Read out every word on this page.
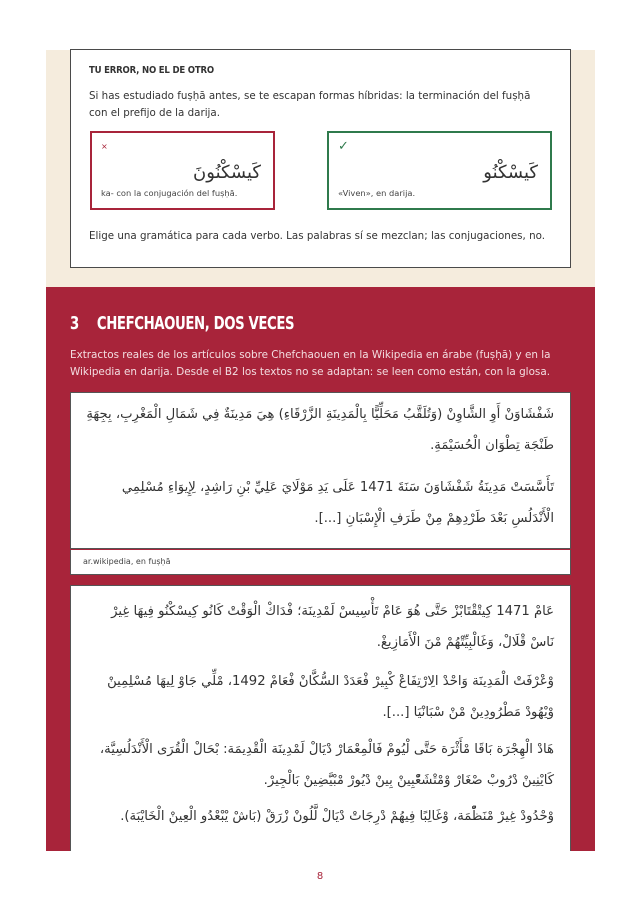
TU ERROR, NO EL DE OTRO
Si has estudiado fuṣḥā antes, se te escapan formas híbridas: la terminación del fuṣḥā con el prefijo de la darija.
×
كَيسْكْنُونَ
ka- con la conjugación del fuṣḥā.
✓
كَيسْكْنُو
«Viven», en darija.
Elige una gramática para cada verbo. Las palabras sí se mezclan; las conjugaciones, no.
3 CHEFCHAOUEN, DOS VECES
Extractos reales de los artículos sobre Chefchaouen en la Wikipedia en árabe (fuṣḥā) y en la Wikipedia en darija. Desde el B2 los textos no se adaptan: se leen como están, con la glosa.
شَفْشَاوَنْ أَوِ الشَّاوِنْ (وَتُلَقَّبُ مَحَلِّيًّا بِالْمَدِينَةِ الزَّرْقَاءِ) هِيَ مَدِينَةٌ فِي شَمَالِ الْمَغْرِبِ، بِجِهَةِ طَنْجَة تِطْوَان الْحُسَيْمَةِ.
تَأَسَّسَتْ مَدِينَةُ شَفْشَاوَنَ سَنَةَ 1471 عَلَى يَدِ مَوْلَايَ عَلِيِّ بْنِ رَاشِدٍ، لِإِيوَاءِ مُسْلِمِي الْأَنْدَلُسِ بَعْدَ طَرْدِهِمْ مِنْ طَرَفِ الْإِسْبَانِ [...].
ar.wikipedia, en fuṣḥā
عَامْ 1471 كِيتْقْتَابْزْ حَتَّى هُوَ عَامْ تَأْسِيسْ لَمْدِينَة؛ فْدَاكْ الْوَقْتْ كَانُو كِيسْكْنُو فِيهَا غِيرْ نَاسْ قْلَالْ، وَغَالْبِيِّتْهُمْ مْنَ الْأَمَازِيغْ.
وْعْرْفَتْ الْمَدِينَة وَاحْدْ الِارْتِفَاعْ كْبِيرْ فْعَدَدْ السُّكَّانْ فْعَامْ 1492، مْلِّي جَاوْ لِيهَا مُسْلِمِينْ وْيْهُودْ مَطْرُودِينْ مْنْ سْبَانْيَا [...].
هَادْ الْهِجْرَة بَاقَا مْأَثْرَة حَتَّى لْيُومْ فَالْمِعْمَارْ دْيَالْ لَمْدِينَة الْقْدِيمَة: بْحَالْ الْقُرَى الْأَنْدَلُسِيَّة، كَايْنِينْ دْرُوبْ صْغَارْ وْمْتْشَعّْبِينْ بِينْ دْيُورْ مْبْيَّضِينْ بَالْجِيرْ.
وْحْدُودْ غِيرْ مْنَظّْمَة، وْغَالِبًا فِيهُمْ دْرِجَاتْ دْيَالْ لَّلُونْ زْرَقْ (بَاشْ يْبْعْدُو الْعِينْ الْخَايْبَة).
8
